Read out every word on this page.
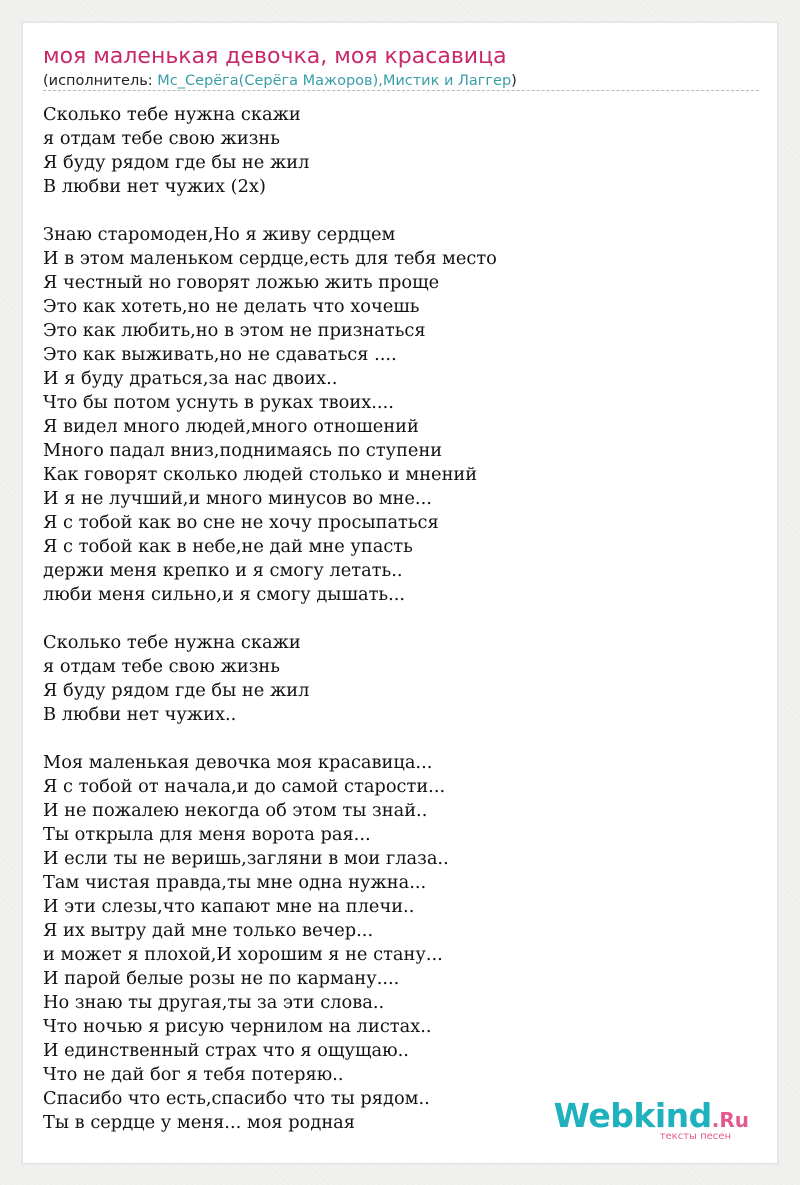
моя маленькая девочка, моя красавица
(исполнитель: Mc_Серёга(Серёга Мажоров),Мистик и Лаггер)
Сколько тебе нужна скажи
я отдам тебе свою жизнь
Я буду рядом где бы не жил
В любви нет чужих (2х)
Знаю старомоден,Но я живу сердцем
И в этом маленьком сердце,есть для тебя место
Я честный но говорят ложью жить проще
Это как хотеть,но не делать что хочешь
Это как любить,но в этом не признаться
Это как выживать,но не сдаваться ....
И я буду драться,за нас двоих..
Что бы потом уснуть в руках твоих....
Я видел много людей,много отношений
Много падал вниз,поднимаясь по ступени
Как говорят сколько людей столько и мнений
И я не лучший,и много минусов во мне...
Я с тобой как во сне не хочу просыпаться
Я с тобой как в небе,не дай мне упасть
держи меня крепко и я смогу летать..
люби меня сильно,и я смогу дышать...
Сколько тебе нужна скажи
я отдам тебе свою жизнь
Я буду рядом где бы не жил
В любви нет чужих..
Моя маленькая девочка моя красавица...
Я с тобой от начала,и до самой старости...
И не пожалею некогда об этом ты знай..
Ты открыла для меня ворота рая...
И если ты не веришь,загляни в мои глаза..
Там чистая правда,ты мне одна нужна...
И эти слезы,что капают мне на плечи..
Я их вытру дай мне только вечер...
и может я плохой,И хорошим я не стану...
И парой белые розы не по карману....
Но знаю ты другая,ты за эти слова..
Что ночью я рисую чернилом на листах..
И единственный страх что я ощущаю..
Что не дай бог я тебя потеряю..
Спасибо что есть,спасибо что ты рядом..
Ты в сердце у меня... моя родная	Webkind.Ru
тексты песен
